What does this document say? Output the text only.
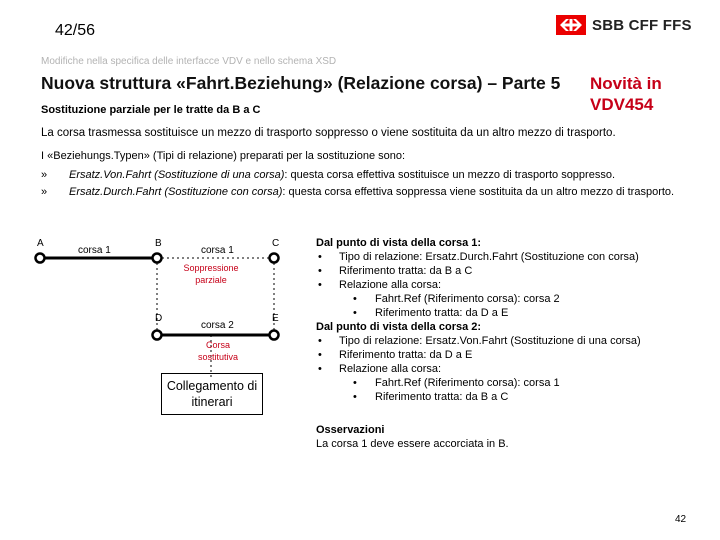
42/56	SBB CFF FFS
Modifiche nella specifica delle interfacce VDV e nello schema XSD
Nuova struttura «Fahrt.Beziehung» (Relazione corsa) – Parte 5 Novità in
VDV454
Sostituzione parziale per le tratte da B a C
La corsa trasmessa sostituisce un mezzo di trasporto soppresso o viene sostituita da un altro mezzo di trasporto.
I «Beziehungs.Typen» (Tipi di relazione) preparati per la sostituzione sono:
» Ersatz.Von.Fahrt (Sostituzione di una corsa): questa corsa effettiva sostituisce un mezzo di trasporto soppresso.
» Ersatz.Durch.Fahrt (Sostituzione con corsa): questa corsa effettiva soppressa viene sostituita da un altro mezzo di trasporto.
A	B	C
D	E
corsa 1	corsa 1
Soppressione
parziale
corsa 2
Corsa
sostitutiva
Collegamento di
itinerari
Dal punto di vista della corsa 1:
• Tipo di relazione: Ersatz.Durch.Fahrt (Sostituzione con corsa)
• Riferimento tratta: da B a C
• Relazione alla corsa:
• Fahrt.Ref (Riferimento corsa): corsa 2
• Riferimento tratta: da D a E
Dal punto di vista della corsa 2:
• Tipo di relazione: Ersatz.Von.Fahrt (Sostituzione di una corsa)
• Riferimento tratta: da D a E
• Relazione alla corsa:
• Fahrt.Ref (Riferimento corsa): corsa 1
• Riferimento tratta: da B a C
Osservazioni
La corsa 1 deve essere accorciata in B.
42
